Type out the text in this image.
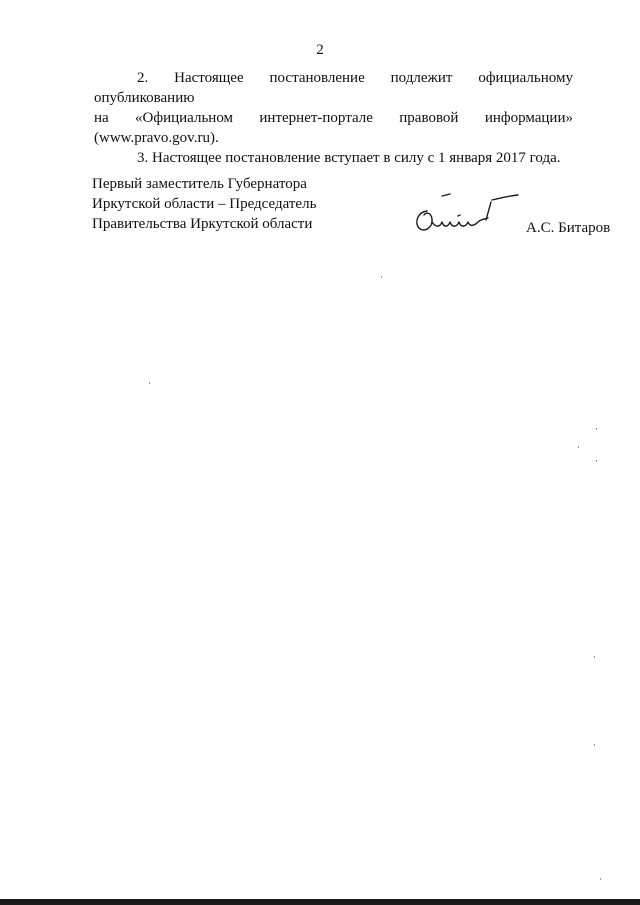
2

2. Настоящее постановление подлежит официальному опубликованию

на «Официальном интернет-портале правовой информации»

(www.pravo.gov.ru).

3. Настоящее постановление вступает в силу с 1 января 2017 года.

Первый заместитель Губернатора
Иркутской области – Председатель
Правительства Иркутской области	А.С. Битаров
